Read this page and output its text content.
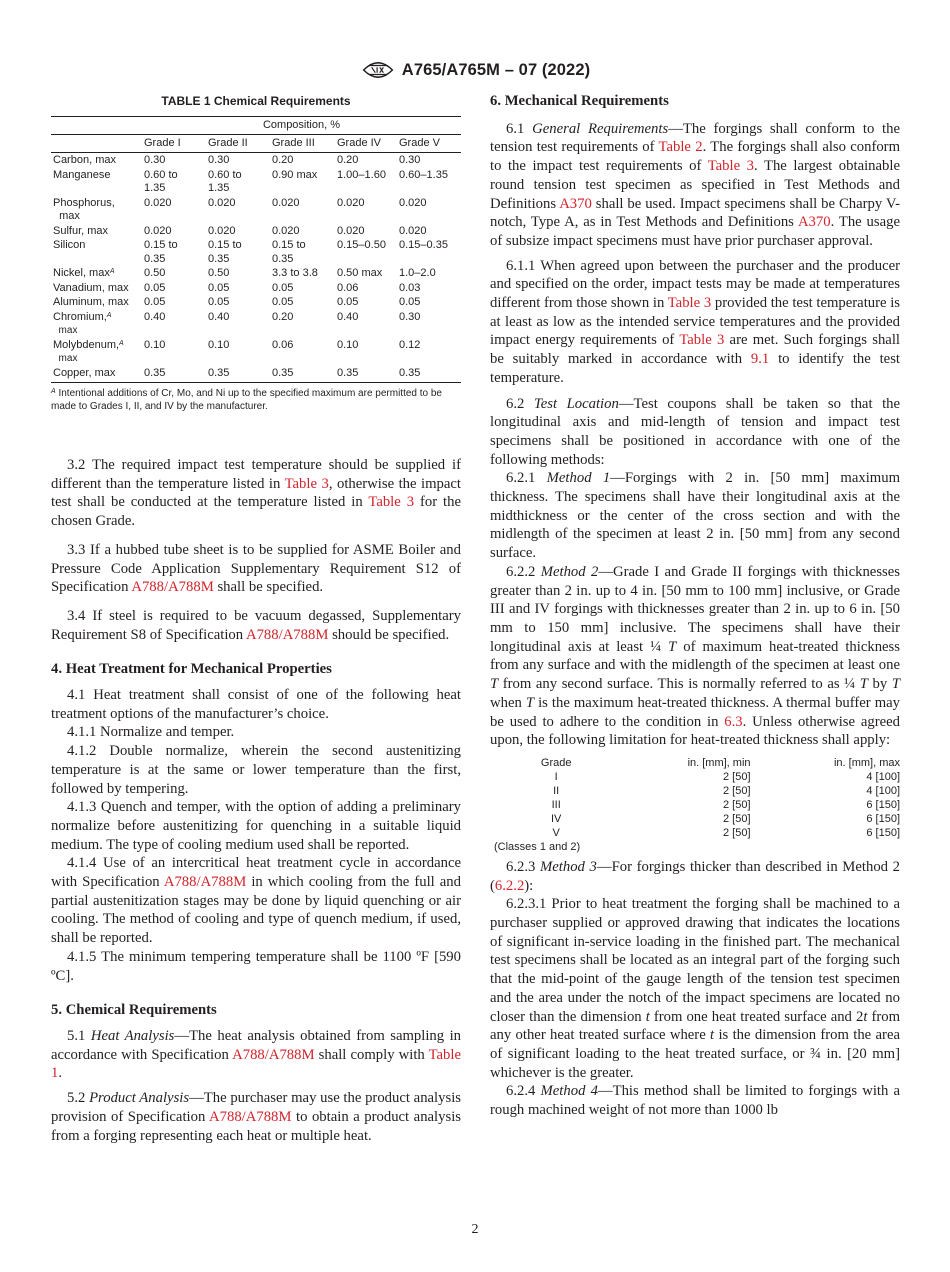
A765/A765M – 07 (2022)
TABLE 1 Chemical Requirements
	Composition, %				
	Grade I	Grade II	Grade III	Grade IV	Grade V
Carbon, max	0.30	0.30	0.20	0.20	0.30
Manganese	0.60 to
1.35	0.60 to
1.35	0.90 max	1.00–1.60	0.60–1.35
Phosphorus,
max	0.020	0.020	0.020	0.020	0.020
Sulfur, max	0.020	0.020	0.020	0.020	0.020
Silicon	0.15 to
0.35	0.15 to
0.35	0.15 to
0.35	0.15–0.50	0.15–0.35
Nickel, $\max^A$	0.50	0.50	3.3 to 3.8	0.50 max	1.0–2.0
Vanadium, max	0.05	0.05	0.05	0.06	0.03
Aluminum, max	0.05	0.05	0.05	0.05	0.05
Chromium,$^A$
max	0.40	0.40	0.20	0.40	0.30
Molybdenum,$^A$
max	0.10	0.10	0.06	0.10	0.12
Copper, max	0.35	0.35	0.35	0.35	0.35
$^A$ Intentional additions of Cr, Mo, and Ni up to the specified maximum are permitted to be made to Grades I, II, and IV by the manufacturer.

3.2 The required impact test temperature should be supplied if different than the temperature listed in Table 3, otherwise the impact test shall be conducted at the temperature listed in Table 3 for the chosen Grade.

3.3 If a hubbed tube sheet is to be supplied for ASME Boiler and Pressure Code Application Supplementary Requirement S12 of Specification A788/A788M shall be specified.

3.4 If steel is required to be vacuum degassed, Supplementary Requirement S8 of Specification A788/A788M should be specified.

4. Heat Treatment for Mechanical Properties

4.1 Heat treatment shall consist of one of the following heat treatment options of the manufacturer’s choice.

4.1.1 Normalize and temper.

4.1.2 Double normalize, wherein the second austenitizing temperature is at the same or lower temperature than the first, followed by tempering.

4.1.3 Quench and temper, with the option of adding a preliminary normalize before austenitizing for quenching in a suitable liquid medium. The type of cooling medium used shall be reported.

4.1.4 Use of an intercritical heat treatment cycle in accordance with Specification A788/A788M in which cooling from the full and partial austenitization stages may be done by liquid quenching or air cooling. The method of cooling and type of quench medium, if used, shall be reported.

4.1.5 The minimum tempering temperature shall be 1100 ºF [590 ºC].

5. Chemical Requirements

5.1 Heat Analysis—The heat analysis obtained from sampling in accordance with Specification A788/A788M shall comply with Table 1.

5.2 Product Analysis—The purchaser may use the product analysis provision of Specification A788/A788M to obtain a product analysis from a forging representing each heat or multiple heat.

6. Mechanical Requirements

6.1 General Requirements—The forgings shall conform to the tension test requirements of Table 2. The forgings shall also conform to the impact test requirements of Table 3. The largest obtainable round tension test specimen as specified in Test Methods and Definitions A370 shall be used. Impact specimens shall be Charpy V-notch, Type A, as in Test Methods and Definitions A370. The usage of subsize impact specimens must have prior purchaser approval.

6.1.1 When agreed upon between the purchaser and the producer and specified on the order, impact tests may be made at temperatures different from those shown in Table 3 provided the test temperature is at least as low as the intended service temperatures and the provided impact energy requirements of Table 3 are met. Such forgings shall be suitably marked in accordance with 9.1 to identify the test temperature.

6.2 Test Location—Test coupons shall be taken so that the longitudinal axis and mid-length of tension and impact test specimens shall be positioned in accordance with one of the following methods:

6.2.1 Method 1—Forgings with 2 in. [50 mm] maximum thickness. The specimens shall have their longitudinal axis at the midthickness or the center of the cross section and with the midlength of the specimen at least 2 in. [50 mm] from any second surface.

6.2.2 Method 2—Grade I and Grade II forgings with thicknesses greater than 2 in. up to 4 in. [50 mm to 100 mm] inclusive, or Grade III and IV forgings with thicknesses greater than 2 in. up to 6 in. [50 mm to 150 mm] inclusive. The specimens shall have their longitudinal axis at least ¼ T of maximum heat-treated thickness from any surface and with the midlength of the specimen at least one T from any second surface. This is normally referred to as ¼ T by T when T is the maximum heat-treated thickness. A thermal buffer may be used to adhere to the condition in 6.3. Unless otherwise agreed upon, the following limitation for heat-treated thickness shall apply:

Grade	in. [mm], min	in. [mm], max
I	2 [50]	4 [100]
II	2 [50]	4 [100]
III	2 [50]	6 [150]
IV	2 [50]	6 [150]
V	2 [50]	6 [150]
(Classes 1 and 2)		

6.2.3 Method 3—For forgings thicker than described in Method 2 (6.2.2):

6.2.3.1 Prior to heat treatment the forging shall be machined to a purchaser supplied or approved drawing that indicates the locations of significant in-service loading in the finished part. The mechanical test specimens shall be located as an integral part of the forging such that the mid-point of the gauge length of the tension test specimen and the area under the notch of the impact specimens are located no closer than the dimension t from one heat treated surface and 2t from any other heat treated surface where t is the dimension from the area of significant loading to the heat treated surface, or ¾ in. [20 mm] whichever is the greater.

6.2.4 Method 4—This method shall be limited to forgings with a rough machined weight of not more than 1000 lb

2
